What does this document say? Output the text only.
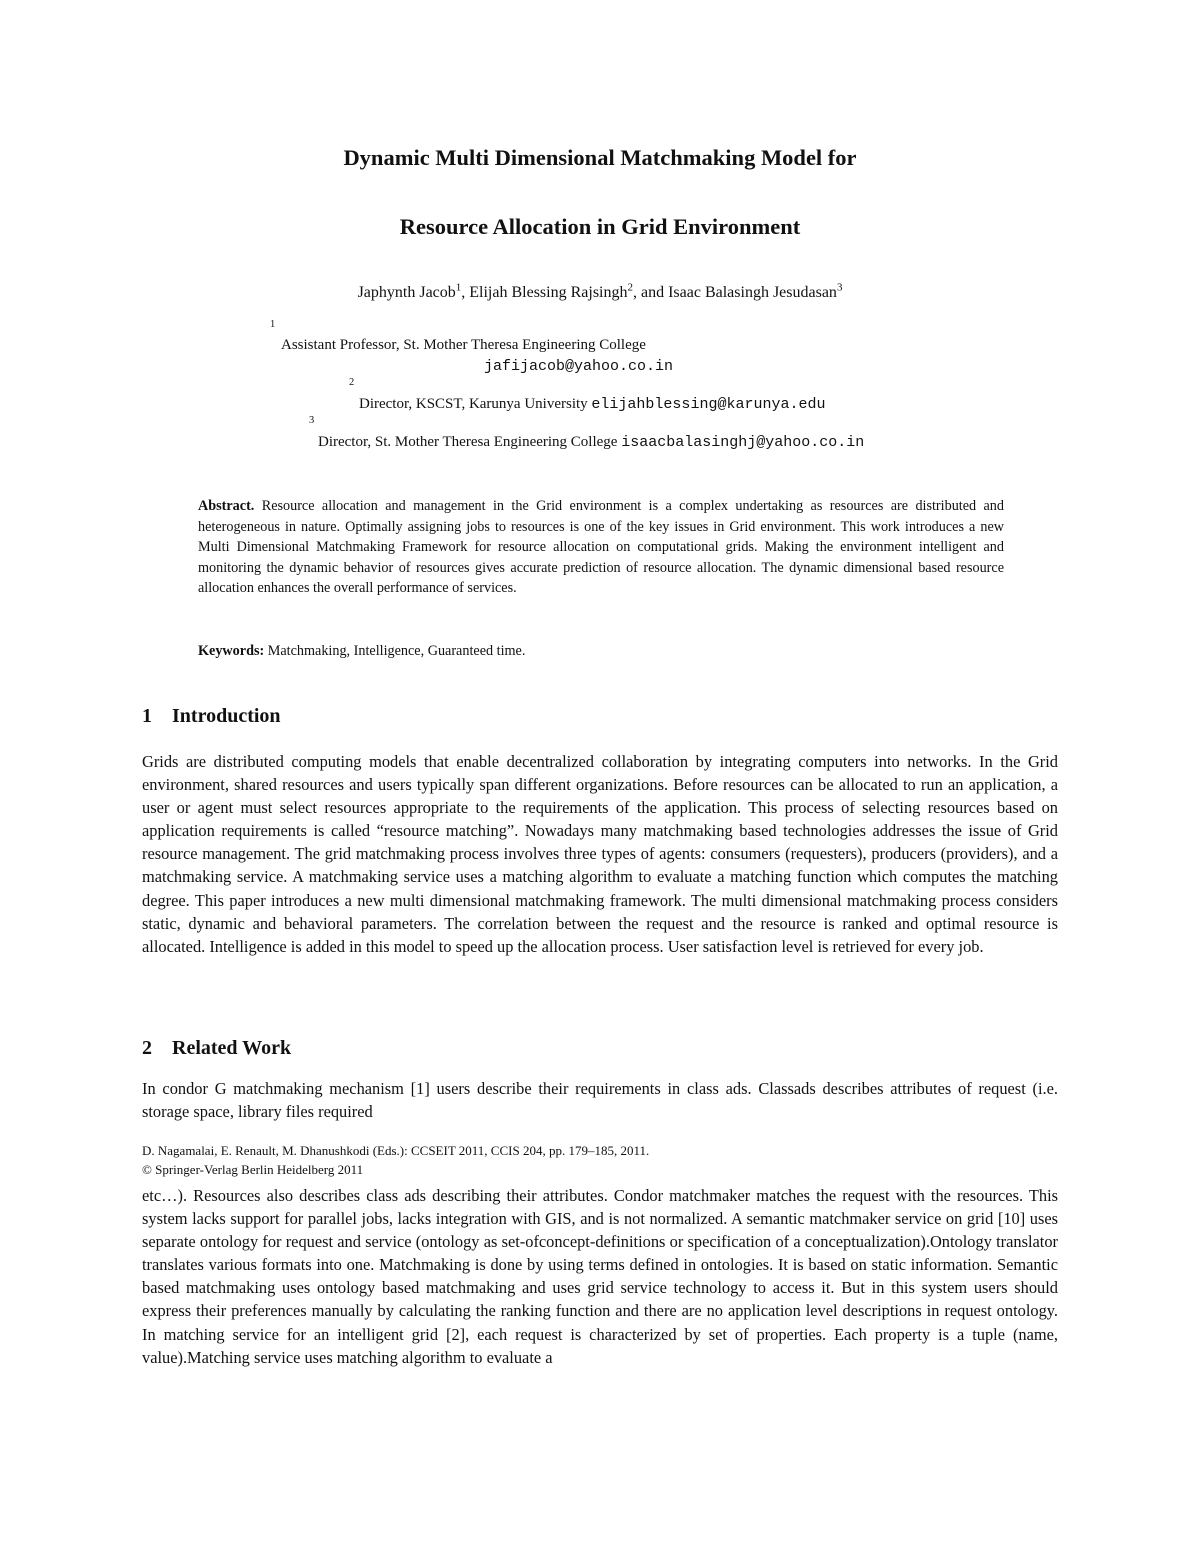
Dynamic Multi Dimensional Matchmaking Model for
Resource Allocation in Grid Environment
Japhynth Jacob$^1$, Elijah Blessing Rajsingh$^2$, and Isaac Balasingh Jesudasan$^3$
1
Assistant Professor, St. Mother Theresa Engineering College
jafijacob@yahoo.co.in
2
Director, KSCST, Karunya University elijahblessing@karunya.edu
3
Director, St. Mother Theresa Engineering College isaacbalasinghj@yahoo.co.in
Abstract. Resource allocation and management in the Grid environment is a complex undertaking as resources are distributed and heterogeneous in nature. Optimally assigning jobs to resources is one of the key issues in Grid environment. This work introduces a new Multi Dimensional Matchmaking Framework for resource allocation on computational grids. Making the environment intelligent and monitoring the dynamic behavior of resources gives accurate prediction of resource allocation. The dynamic dimensional based resource allocation enhances the overall performance of services.
Keywords: Matchmaking, Intelligence, Guaranteed time.
1 Introduction
Grids are distributed computing models that enable decentralized collaboration by integrating computers into networks. In the Grid environment, shared resources and users typically span different organizations. Before resources can be allocated to run an application, a user or agent must select resources appropriate to the requirements of the application. This process of selecting resources based on application requirements is called “resource matching”. Nowadays many matchmaking based technologies addresses the issue of Grid resource management. The grid matchmaking process involves three types of agents: consumers (requesters), producers (providers), and a matchmaking service. A matchmaking service uses a matching algorithm to evaluate a matching function which computes the matching degree. This paper introduces a new multi dimensional matchmaking framework. The multi dimensional matchmaking process considers static, dynamic and behavioral parameters. The correlation between the request and the resource is ranked and optimal resource is allocated. Intelligence is added in this model to speed up the allocation process. User satisfaction level is retrieved for every job.
2 Related Work
In condor G matchmaking mechanism [1] users describe their requirements in class ads. Classads describes attributes of request (i.e. storage space, library files required
D. Nagamalai, E. Renault, M. Dhanushkodi (Eds.): CCSEIT 2011, CCIS 204, pp. 179–185, 2011.
© Springer-Verlag Berlin Heidelberg 2011
etc…). Resources also describes class ads describing their attributes. Condor matchmaker matches the request with the resources. This system lacks support for parallel jobs, lacks integration with GIS, and is not normalized. A semantic matchmaker service on grid [10] uses separate ontology for request and service (ontology as set-ofconcept-definitions or specification of a conceptualization).Ontology translator translates various formats into one. Matchmaking is done by using terms defined in ontologies. It is based on static information. Semantic based matchmaking uses ontology based matchmaking and uses grid service technology to access it. But in this system users should express their preferences manually by calculating the ranking function and there are no application level descriptions in request ontology. In matching service for an intelligent grid [2], each request is characterized by set of properties. Each property is a tuple (name, value).Matching service uses matching algorithm to evaluate a
